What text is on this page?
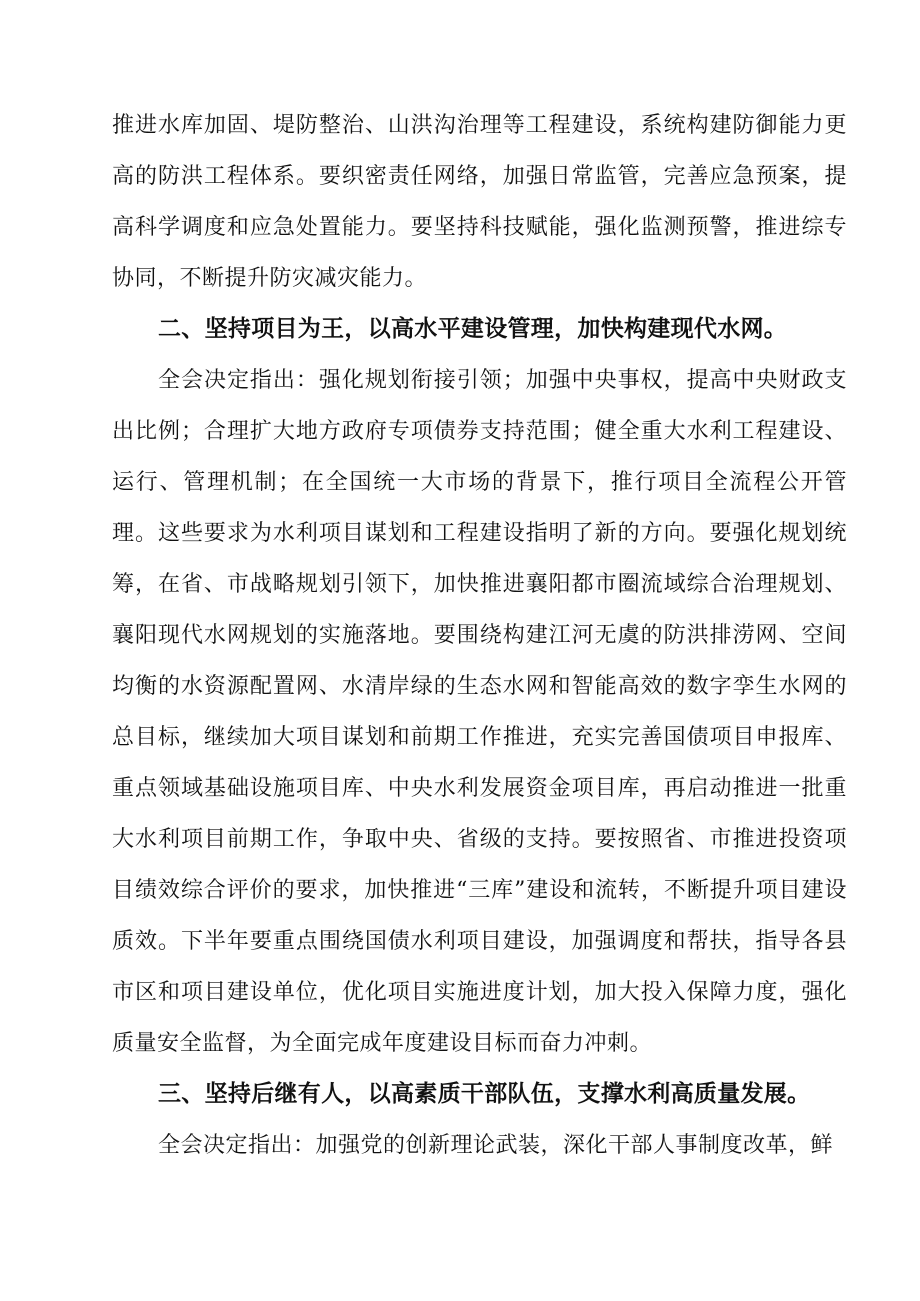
推进水库加固、堤防整治、山洪沟治理等工程建设，系统构建防御能力更高的防洪工程体系。要织密责任网络，加强日常监管，完善应急预案，提高科学调度和应急处置能力。要坚持科技赋能，强化监测预警，推进综专协同，不断提升防灾减灾能力。

二、坚持项目为王，以高水平建设管理，加快构建现代水网。

全会决定指出：强化规划衔接引领；加强中央事权，提高中央财政支出比例；合理扩大地方政府专项债券支持范围；健全重大水利工程建设、运行、管理机制；在全国统一大市场的背景下，推行项目全流程公开管理。这些要求为水利项目谋划和工程建设指明了新的方向。要强化规划统筹，在省、市战略规划引领下，加快推进襄阳都市圈流域综合治理规划、襄阳现代水网规划的实施落地。要围绕构建江河无虞的防洪排涝网、空间均衡的水资源配置网、水清岸绿的生态水网和智能高效的数字孪生水网的总目标，继续加大项目谋划和前期工作推进，充实完善国债项目申报库、重点领域基础设施项目库、中央水利发展资金项目库，再启动推进一批重大水利项目前期工作，争取中央、省级的支持。要按照省、市推进投资项目绩效综合评价的要求，加快推进“三库”建设和流转，不断提升项目建设质效。下半年要重点围绕国债水利项目建设，加强调度和帮扶，指导各县市区和项目建设单位，优化项目实施进度计划，加大投入保障力度，强化质量安全监督，为全面完成年度建设目标而奋力冲刺。

三、坚持后继有人，以高素质干部队伍，支撑水利高质量发展。

全会决定指出：加强党的创新理论武装，深化干部人事制度改革，鲜
